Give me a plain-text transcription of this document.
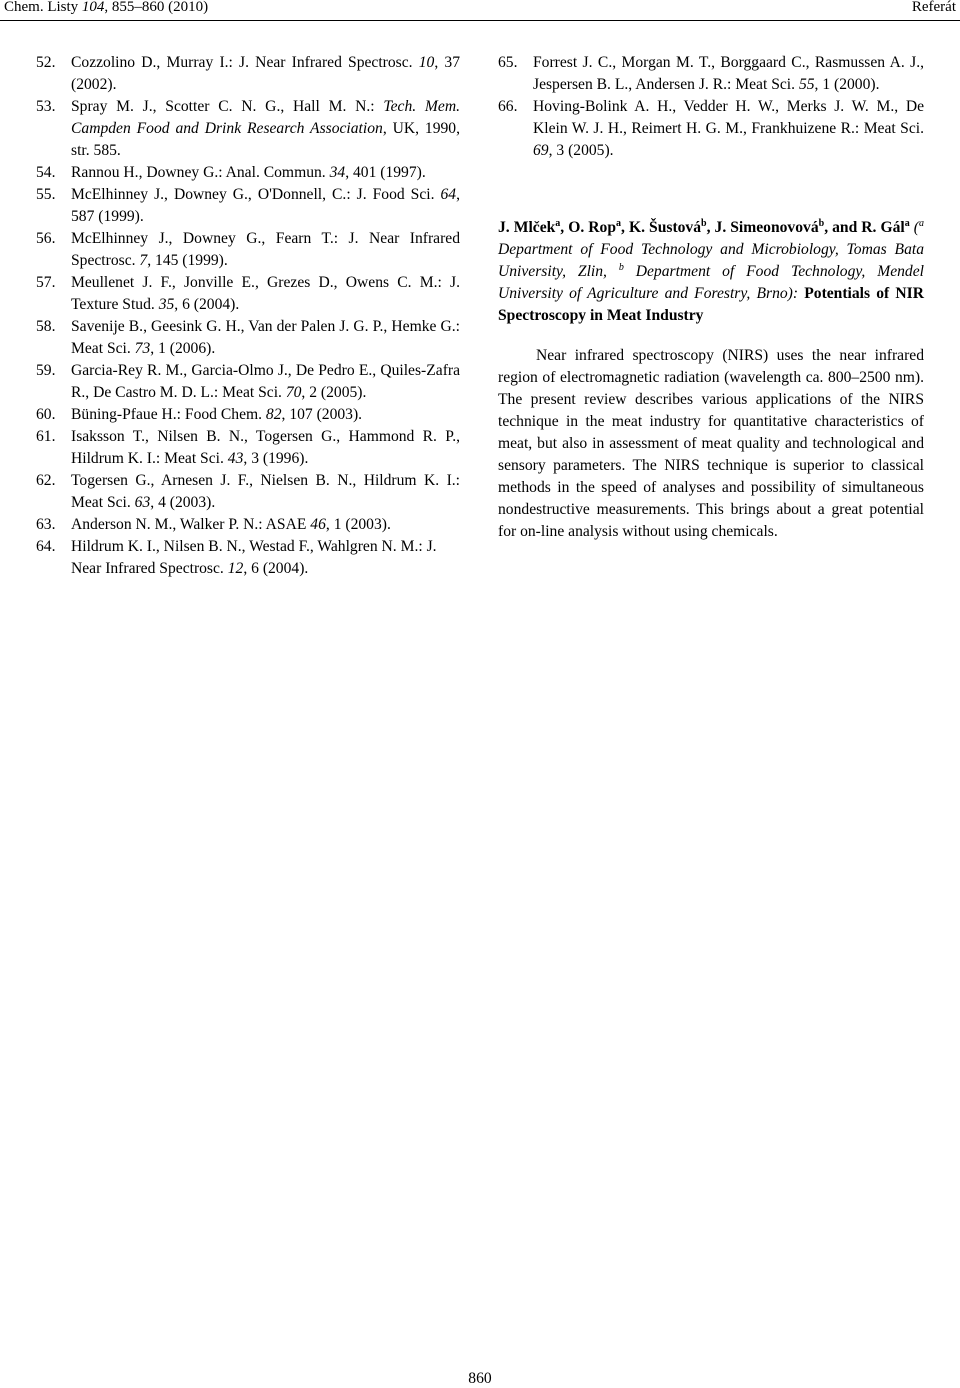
Chem. Listy 104, 855–860 (2010)	Referát
52. Cozzolino D., Murray I.: J. Near Infrared Spectrosc. 10, 37 (2002).
53. Spray M. J., Scotter C. N. G., Hall M. N.: Tech. Mem. Campden Food and Drink Research Association, UK, 1990, str. 585.
54. Rannou H., Downey G.: Anal. Commun. 34, 401 (1997).
55. McElhinney J., Downey G., O'Donnell, C.: J. Food Sci. 64, 587 (1999).
56. McElhinney J., Downey G., Fearn T.: J. Near Infrared Spectrosc. 7, 145 (1999).
57. Meullenet J. F., Jonville E., Grezes D., Owens C. M.: J. Texture Stud. 35, 6 (2004).
58. Savenije B., Geesink G. H., Van der Palen J. G. P., Hemke G.: Meat Sci. 73, 1 (2006).
59. Garcia-Rey R. M., Garcia-Olmo J., De Pedro E., Quiles-Zafra R., De Castro M. D. L.: Meat Sci. 70, 2 (2005).
60. Büning-Pfaue H.: Food Chem. 82, 107 (2003).
61. Isaksson T., Nilsen B. N., Togersen G., Hammond R. P., Hildrum K. I.: Meat Sci. 43, 3 (1996).
62. Togersen G., Arnesen J. F., Nielsen B. N., Hildrum K. I.: Meat Sci. 63, 4 (2003).
63. Anderson N. M., Walker P. N.: ASAE 46, 1 (2003).
64. Hildrum K. I., Nilsen B. N., Westad F., Wahlgren N. M.: J. Near Infrared Spectrosc. 12, 6 (2004).
65. Forrest J. C., Morgan M. T., Borggaard C., Rasmussen A. J., Jespersen B. L., Andersen J. R.: Meat Sci. 55, 1 (2000).
66. Hoving-Bolink A. H., Vedder H. W., Merks J. W. M., De Klein W. J. H., Reimert H. G. M., Frankhuizene R.: Meat Sci. 69, 3 (2005).
J. Mlček$^a$, O. Rop$^a$, K. Šustová$^b$, J. Simeonovová$^b$, and R. Gál$^a$ ($^a$ Department of Food Technology and Microbiology, Tomas Bata University, Zlin, $^b$ Department of Food Technology, Mendel University of Agriculture and Forestry, Brno): Potentials of NIR Spectroscopy in Meat Industry
Near infrared spectroscopy (NIRS) uses the near infrared region of electromagnetic radiation (wavelength ca. 800–2500 nm). The present review describes various applications of the NIRS technique in the meat industry for quantitative characteristics of meat, but also in assessment of meat quality and technological and sensory parameters. The NIRS technique is superior to classical methods in the speed of analyses and possibility of simultaneous nondestructive measurements. This brings about a great potential for on-line analysis without using chemicals.
860
